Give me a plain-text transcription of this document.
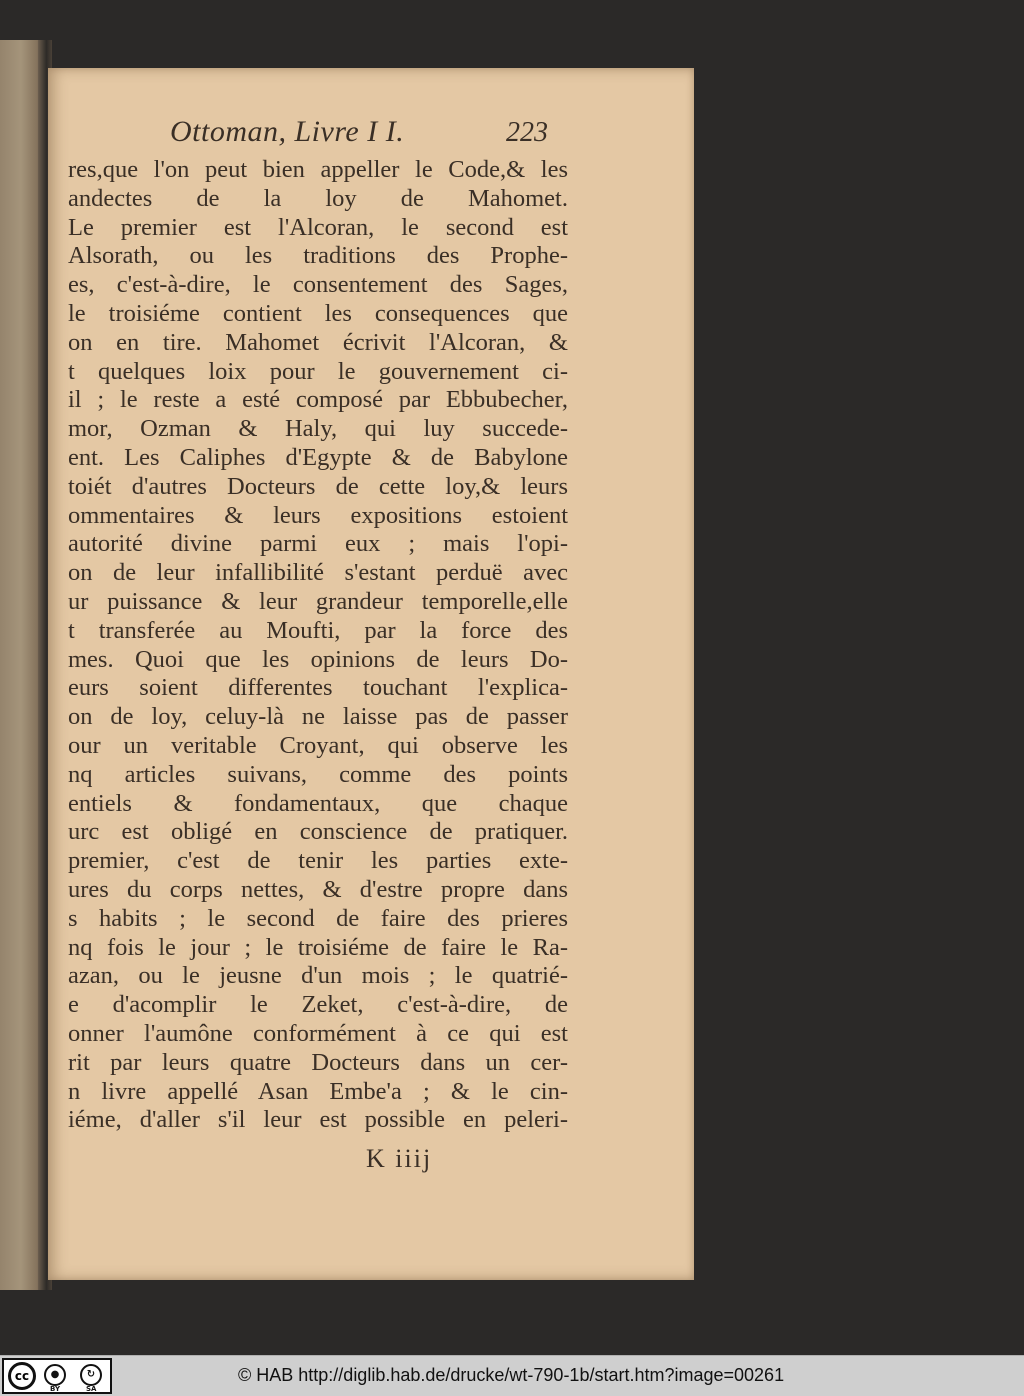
Ottoman, Livre I I.	223
res,que l'on peut bien appeller le Code,& les
andectes de la loy de Mahomet.
Le premier est l'Alcoran, le second est
Alsorath, ou les traditions des Prophe-
es, c'est-à-dire, le consentement des Sages,
le troisiéme contient les consequences que
on en tire. Mahomet écrivit l'Alcoran, &
t quelques loix pour le gouvernement ci-
il ; le reste a esté composé par Ebbubecher,
mor, Ozman & Haly, qui luy succede-
ent. Les Caliphes d'Egypte & de Babylone
toiét d'autres Docteurs de cette loy,& leurs
ommentaires & leurs expositions estoient
autorité divine parmi eux ; mais l'opi-
on de leur infallibilité s'estant perduë avec
ur puissance & leur grandeur temporelle,elle
t transferée au Moufti, par la force des
mes. Quoi que les opinions de leurs Do-
eurs soient differentes touchant l'explica-
on de loy, celuy-là ne laisse pas de passer
our un veritable Croyant, qui observe les
nq articles suivans, comme des points
entiels & fondamentaux, que chaque
urc est obligé en conscience de pratiquer.
premier, c'est de tenir les parties exte-
ures du corps nettes, & d'estre propre dans
s habits ; le second de faire des prieres
nq fois le jour ; le troisiéme de faire le Ra-
azan, ou le jeusne d'un mois ; le quatrié-
e d'acomplir le Zeket, c'est-à-dire, de
onner l'aumône conformément à ce qui est
rit par leurs quatre Docteurs dans un cer-
n livre appellé Asan Embe'a ; & le cin-
iéme, d'aller s'il leur est possible en peleri-
K iiij
cc	●	↻
BY	SA
© HAB http://diglib.hab.de/drucke/wt-790-1b/start.htm?image=00261
